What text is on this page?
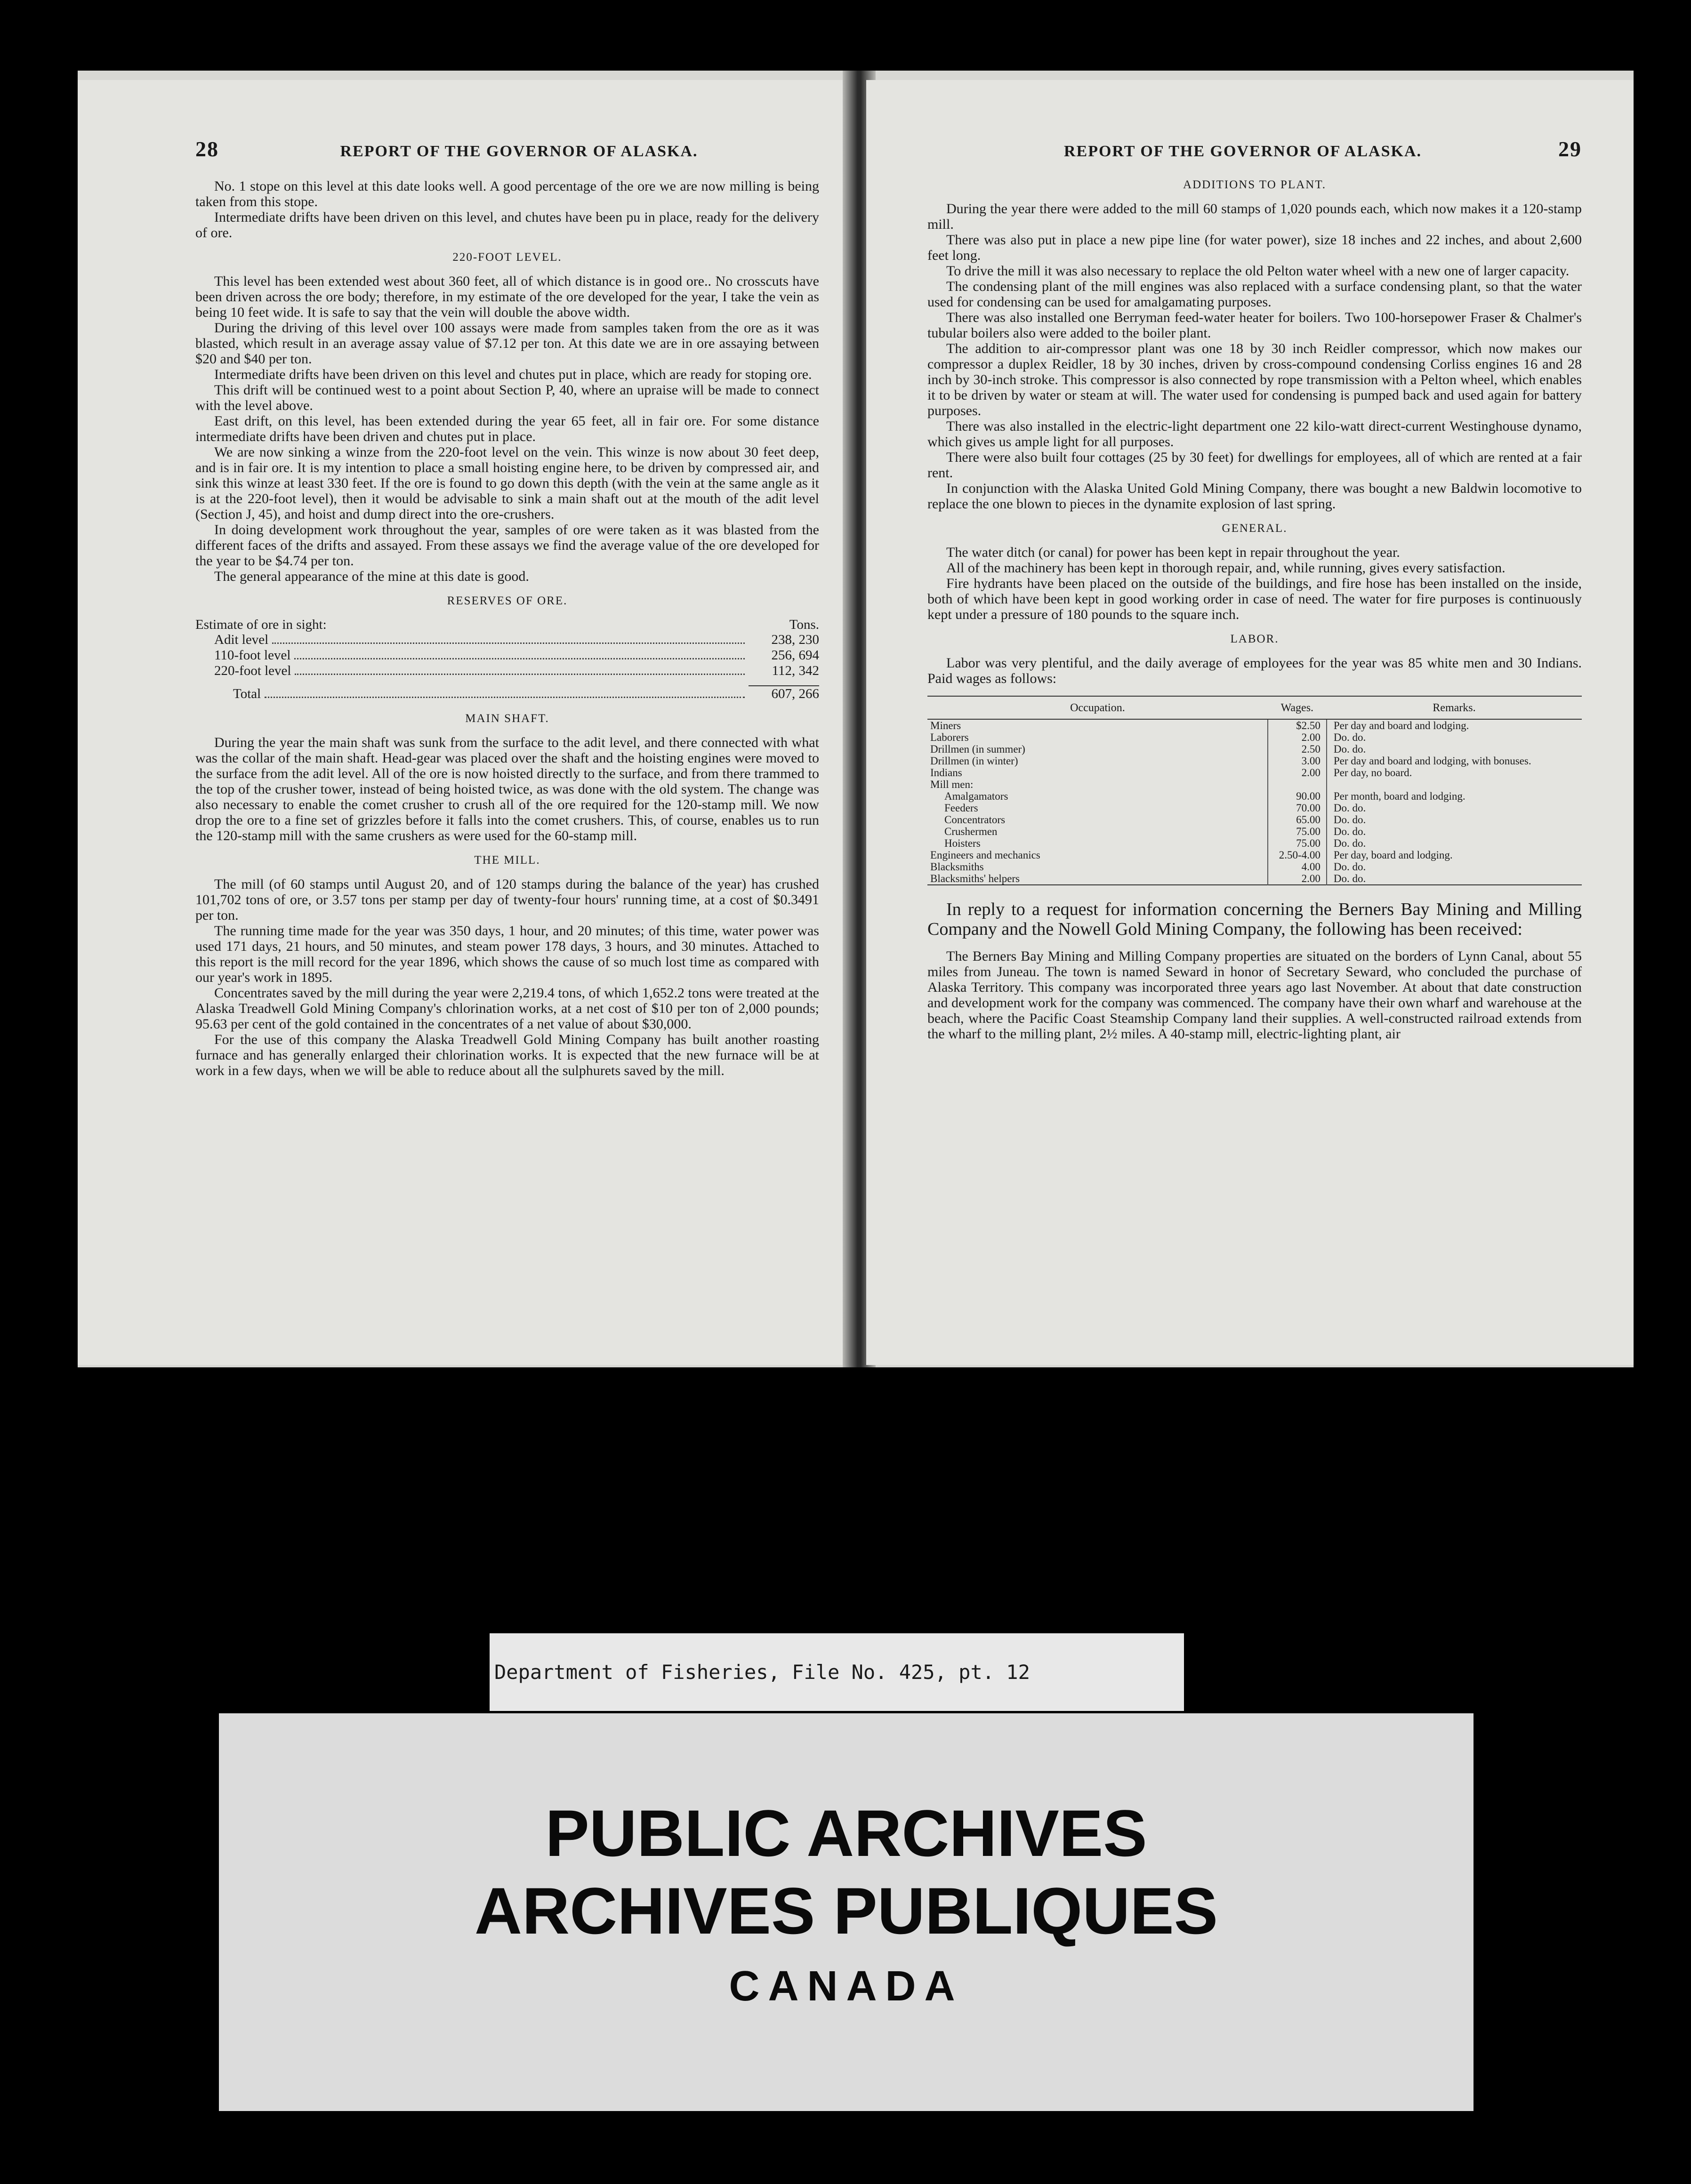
28	REPORT OF THE GOVERNOR OF ALASKA.

No. 1 stope on this level at this date looks well. A good percentage of the ore we are now milling is being taken from this stope.

Intermediate drifts have been driven on this level, and chutes have been pu in place, ready for the delivery of ore.

220-FOOT LEVEL.

This level has been extended west about 360 feet, all of which distance is in good ore.. No crosscuts have been driven across the ore body; therefore, in my estimate of the ore developed for the year, I take the vein as being 10 feet wide. It is safe to say that the vein will double the above width.

During the driving of this level over 100 assays were made from samples taken from the ore as it was blasted, which result in an average assay value of $7.12 per ton. At this date we are in ore assaying between $20 and $40 per ton.

Intermediate drifts have been driven on this level and chutes put in place, which are ready for stoping ore.

This drift will be continued west to a point about Section P, 40, where an upraise will be made to connect with the level above.

East drift, on this level, has been extended during the year 65 feet, all in fair ore. For some distance intermediate drifts have been driven and chutes put in place.

We are now sinking a winze from the 220-foot level on the vein. This winze is now about 30 feet deep, and is in fair ore. It is my intention to place a small hoisting engine here, to be driven by compressed air, and sink this winze at least 330 feet. If the ore is found to go down this depth (with the vein at the same angle as it is at the 220-foot level), then it would be advisable to sink a main shaft out at the mouth of the adit level (Section J, 45), and hoist and dump direct into the ore-crushers.

In doing development work throughout the year, samples of ore were taken as it was blasted from the different faces of the drifts and assayed. From these assays we find the average value of the ore developed for the year to be $4.74 per ton.

The general appearance of the mine at this date is good.

RESERVES OF ORE.
Estimate of ore in sight:	Tons.
Adit level	238, 230
110-foot level	256, 694
220-foot level	112, 342
Total	607, 266
MAIN SHAFT.

During the year the main shaft was sunk from the surface to the adit level, and there connected with what was the collar of the main shaft. Head-gear was placed over the shaft and the hoisting engines were moved to the surface from the adit level. All of the ore is now hoisted directly to the surface, and from there trammed to the top of the crusher tower, instead of being hoisted twice, as was done with the old system. The change was also necessary to enable the comet crusher to crush all of the ore required for the 120-stamp mill. We now drop the ore to a fine set of grizzles before it falls into the comet crushers. This, of course, enables us to run the 120-stamp mill with the same crushers as were used for the 60-stamp mill.

THE MILL.

The mill (of 60 stamps until August 20, and of 120 stamps during the balance of the year) has crushed 101,702 tons of ore, or 3.57 tons per stamp per day of twenty-four hours' running time, at a cost of $0.3491 per ton.

The running time made for the year was 350 days, 1 hour, and 20 minutes; of this time, water power was used 171 days, 21 hours, and 50 minutes, and steam power 178 days, 3 hours, and 30 minutes. Attached to this report is the mill record for the year 1896, which shows the cause of so much lost time as compared with our year's work in 1895.

Concentrates saved by the mill during the year were 2,219.4 tons, of which 1,652.2 tons were treated at the Alaska Treadwell Gold Mining Company's chlorination works, at a net cost of $10 per ton of 2,000 pounds; 95.63 per cent of the gold contained in the concentrates of a net value of about $30,000.

For the use of this company the Alaska Treadwell Gold Mining Company has built another roasting furnace and has generally enlarged their chlorination works. It is expected that the new furnace will be at work in a few days, when we will be able to reduce about all the sulphurets saved by the mill.

REPORT OF THE GOVERNOR OF ALASKA.	29
ADDITIONS TO PLANT.

During the year there were added to the mill 60 stamps of 1,020 pounds each, which now makes it a 120-stamp mill.

There was also put in place a new pipe line (for water power), size 18 inches and 22 inches, and about 2,600 feet long.

To drive the mill it was also necessary to replace the old Pelton water wheel with a new one of larger capacity.

The condensing plant of the mill engines was also replaced with a surface condensing plant, so that the water used for condensing can be used for amalgamating purposes.

There was also installed one Berryman feed-water heater for boilers. Two 100-horsepower Fraser & Chalmer's tubular boilers also were added to the boiler plant.

The addition to air-compressor plant was one 18 by 30 inch Reidler compressor, which now makes our compressor a duplex Reidler, 18 by 30 inches, driven by cross-compound condensing Corliss engines 16 and 28 inch by 30-inch stroke. This compressor is also connected by rope transmission with a Pelton wheel, which enables it to be driven by water or steam at will. The water used for condensing is pumped back and used again for battery purposes.

There was also installed in the electric-light department one 22 kilo-watt direct-current Westinghouse dynamo, which gives us ample light for all purposes.

There were also built four cottages (25 by 30 feet) for dwellings for employees, all of which are rented at a fair rent.

In conjunction with the Alaska United Gold Mining Company, there was bought a new Baldwin locomotive to replace the one blown to pieces in the dynamite explosion of last spring.

GENERAL.

The water ditch (or canal) for power has been kept in repair throughout the year.

All of the machinery has been kept in thorough repair, and, while running, gives every satisfaction.

Fire hydrants have been placed on the outside of the buildings, and fire hose has been installed on the inside, both of which have been kept in good working order in case of need. The water for fire purposes is continuously kept under a pressure of 180 pounds to the square inch.

LABOR.

Labor was very plentiful, and the daily average of employees for the year was 85 white men and 30 Indians. Paid wages as follows:

Occupation.	Wages.	Remarks.
Miners	$2.50	Per day and board and lodging.
Laborers	2.00	Do. do.
Drillmen (in summer)	2.50	Do. do.
Drillmen (in winter)	3.00	Per day and board and lodging, with bonuses.
Indians	2.00	Per day, no board.
Mill men:		
Amalgamators	90.00	Per month, board and lodging.
Feeders	70.00	Do. do.
Concentrators	65.00	Do. do.
Crushermen	75.00	Do. do.
Hoisters	75.00	Do. do.
Engineers and mechanics	2.50-4.00	Per day, board and lodging.
Blacksmiths	4.00	Do. do.
Blacksmiths' helpers	2.00	Do. do.

In reply to a request for information concerning the Berners Bay Mining and Milling Company and the Nowell Gold Mining Company, the following has been received:

The Berners Bay Mining and Milling Company properties are situated on the borders of Lynn Canal, about 55 miles from Juneau. The town is named Seward in honor of Secretary Seward, who concluded the purchase of Alaska Territory. This company was incorporated three years ago last November. At about that date construction and development work for the company was commenced. The company have their own wharf and warehouse at the beach, where the Pacific Coast Steamship Company land their supplies. A well-constructed railroad extends from the wharf to the milling plant, 2½ miles. A 40-stamp mill, electric-lighting plant, air

Department of Fisheries, File No. 425, pt. 12
PUBLIC ARCHIVES
ARCHIVES PUBLIQUES
CANADA
